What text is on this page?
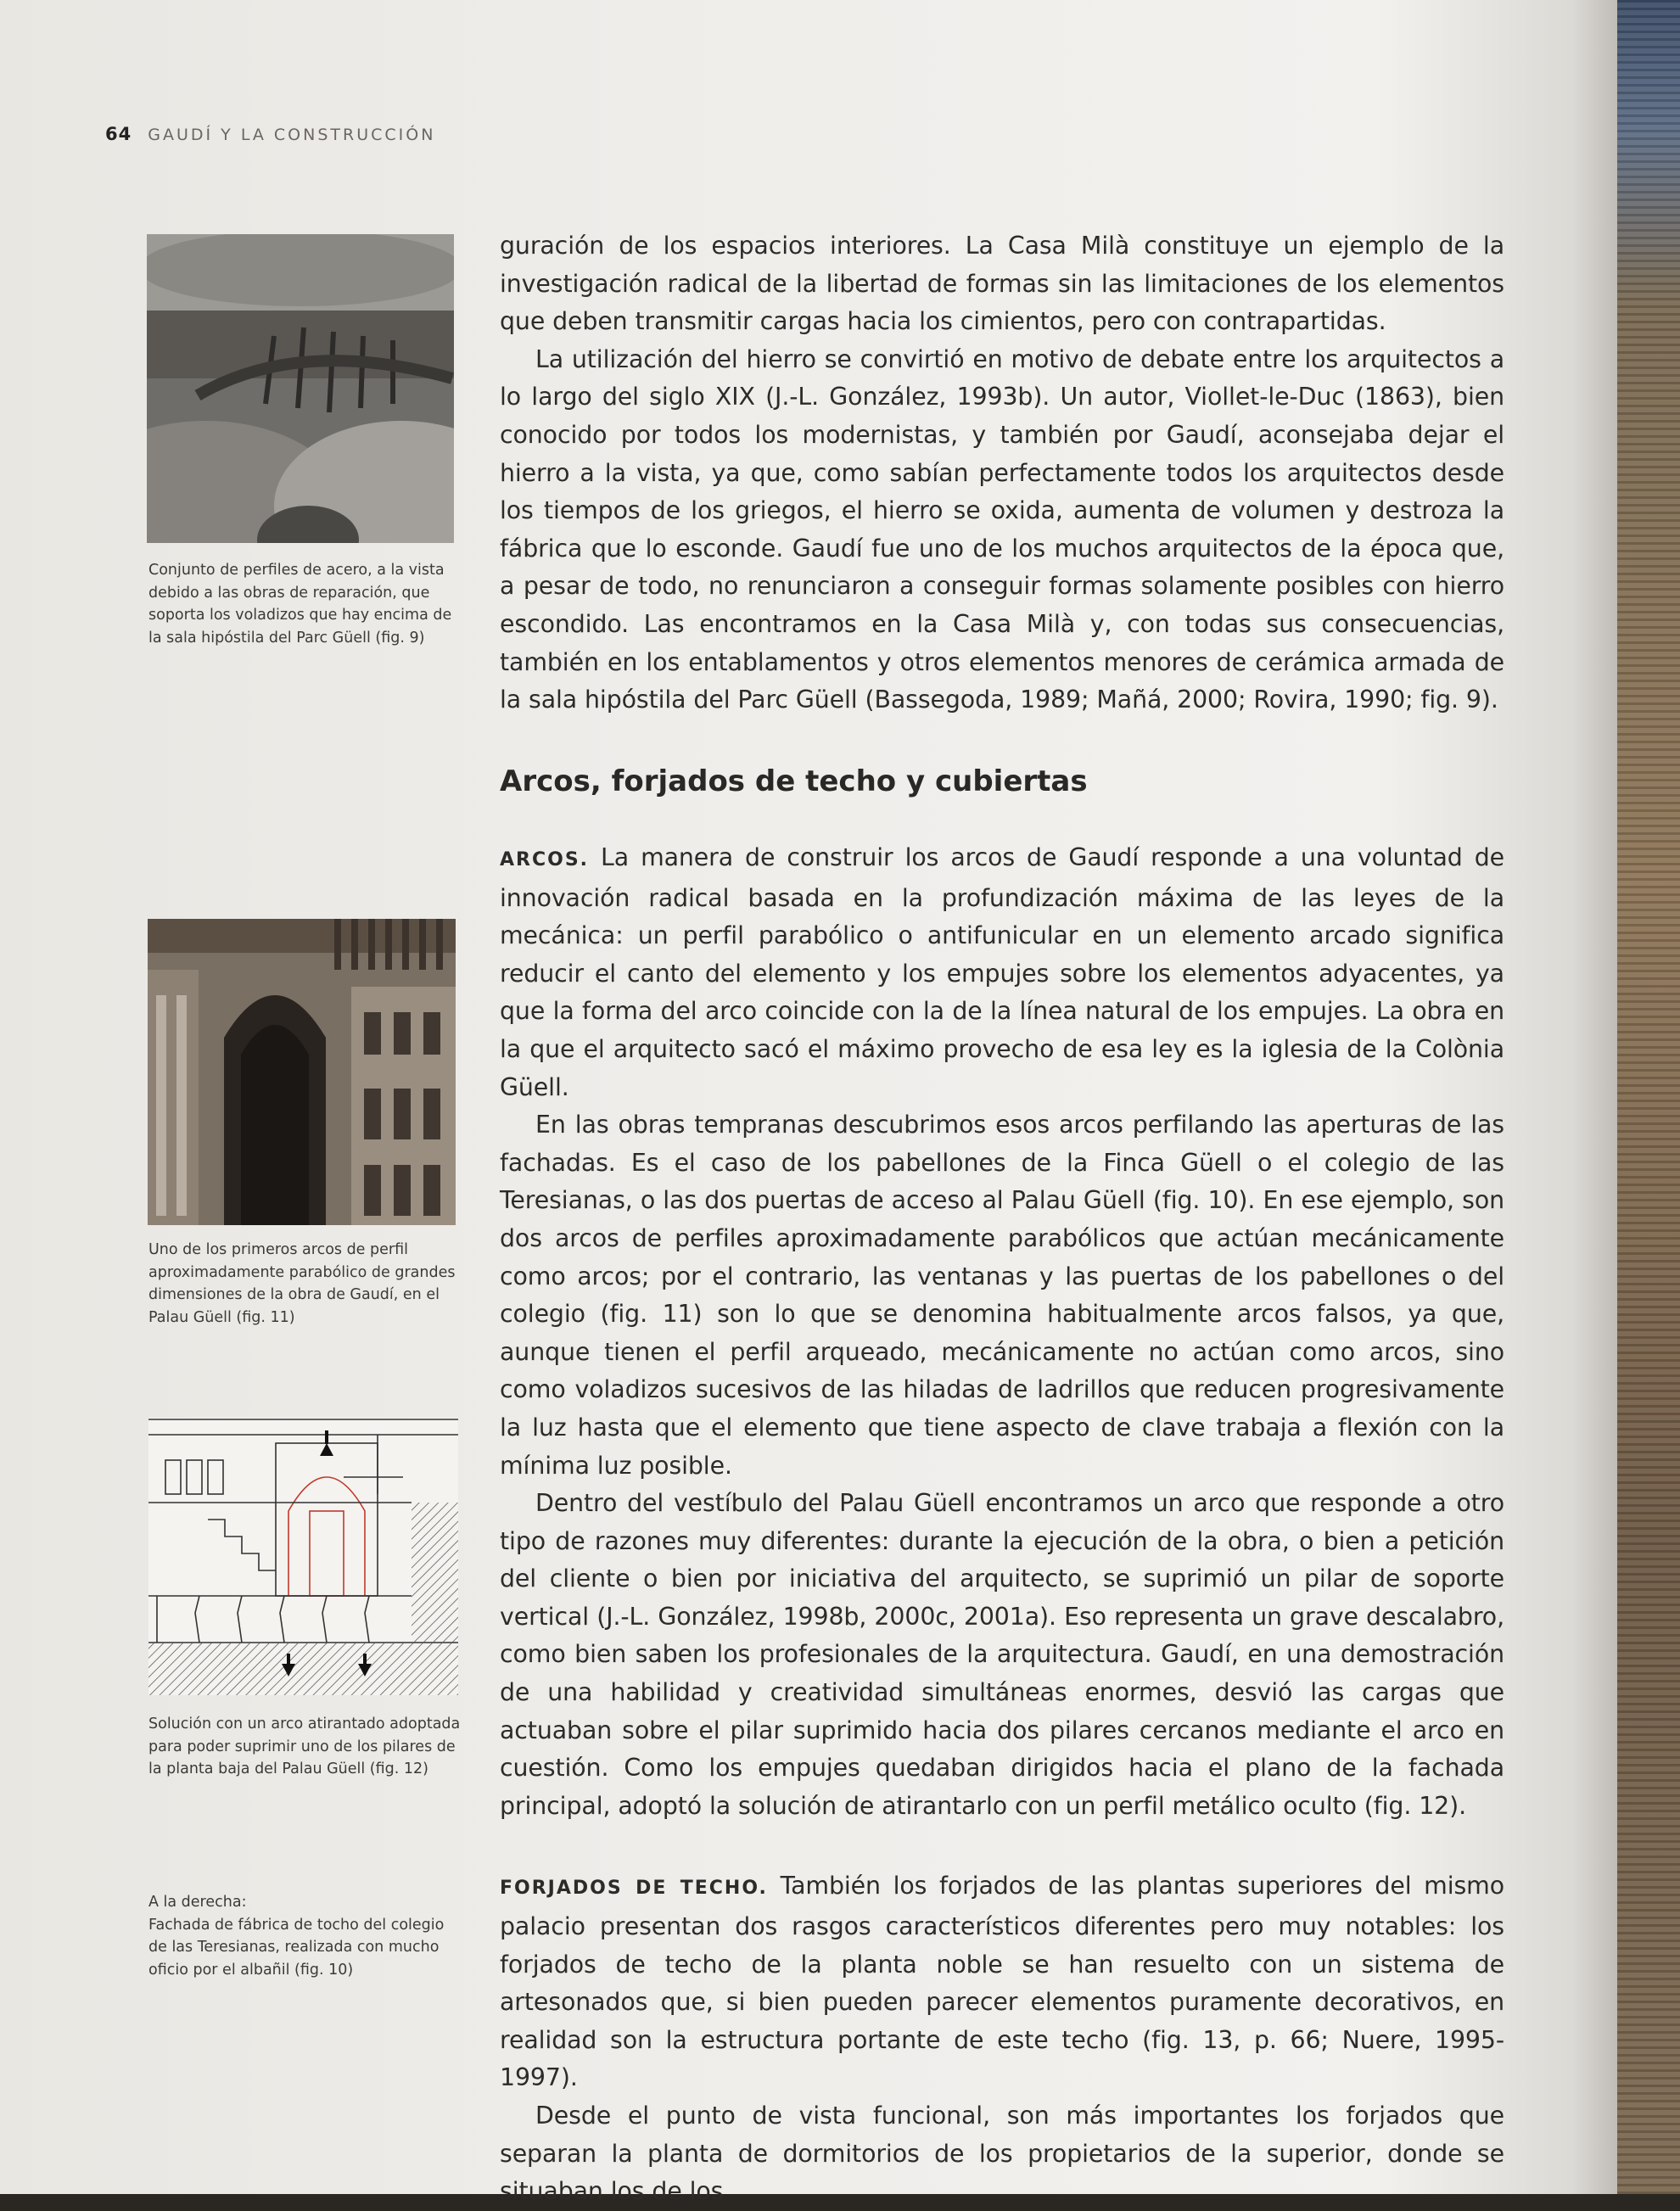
64 GAUDÍ Y LA CONSTRUCCIÓN
Conjunto de perfiles de acero, a la vista debido a las obras de reparación, que soporta los voladizos que hay encima de la sala hipóstila del Parc Güell (fig. 9)
Uno de los primeros arcos de perfil aproximadamente parabólico de grandes dimensiones de la obra de Gaudí, en el Palau Güell (fig. 11)
Solución con un arco atirantado adoptada para poder suprimir uno de los pilares de la planta baja del Palau Güell (fig. 12)
A la derecha:
Fachada de fábrica de tocho del colegio de las Teresianas, realizada con mucho oficio por el albañil (fig. 10)

guración de los espacios interiores. La Casa Milà constituye un ejemplo de la investigación radical de la libertad de formas sin las limitaciones de los elementos que deben transmitir cargas hacia los cimientos, pero con contrapartidas.

La utilización del hierro se convirtió en motivo de debate entre los arquitectos a lo largo del siglo XIX (J.-L. González, 1993b). Un autor, Viollet-le-Duc (1863), bien conocido por todos los modernistas, y también por Gaudí, aconsejaba dejar el hierro a la vista, ya que, como sabían perfectamente todos los arquitectos desde los tiempos de los griegos, el hierro se oxida, aumenta de volumen y destroza la fábrica que lo esconde. Gaudí fue uno de los muchos arquitectos de la época que, a pesar de todo, no renunciaron a conseguir formas solamente posibles con hierro escondido. Las encontramos en la Casa Milà y, con todas sus consecuencias, también en los entablamentos y otros elementos menores de cerámica armada de la sala hipóstila del Parc Güell (Bassegoda, 1989; Mañá, 2000; Rovira, 1990; fig. 9).

Arcos, forjados de techo y cubiertas

ARCOS. La manera de construir los arcos de Gaudí responde a una voluntad de innovación radical basada en la profundización máxima de las leyes de la mecánica: un perfil parabólico o antifunicular en un elemento arcado significa reducir el canto del elemento y los empujes sobre los elementos adyacentes, ya que la forma del arco coincide con la de la línea natural de los empujes. La obra en la que el arquitecto sacó el máximo provecho de esa ley es la iglesia de la Colònia Güell.

En las obras tempranas descubrimos esos arcos perfilando las aperturas de las fachadas. Es el caso de los pabellones de la Finca Güell o el colegio de las Teresianas, o las dos puertas de acceso al Palau Güell (fig. 10). En ese ejemplo, son dos arcos de perfiles aproximadamente parabólicos que actúan mecánicamente como arcos; por el contrario, las ventanas y las puertas de los pabellones o del colegio (fig. 11) son lo que se denomina habitualmente arcos falsos, ya que, aunque tienen el perfil arqueado, mecánicamente no actúan como arcos, sino como voladizos sucesivos de las hiladas de ladrillos que reducen progresivamente la luz hasta que el elemento que tiene aspecto de clave trabaja a flexión con la mínima luz posible.

Dentro del vestíbulo del Palau Güell encontramos un arco que responde a otro tipo de razones muy diferentes: durante la ejecución de la obra, o bien a petición del cliente o bien por iniciativa del arquitecto, se suprimió un pilar de soporte vertical (J.-L. González, 1998b, 2000c, 2001a). Eso representa un grave descalabro, como bien saben los profesionales de la arquitectura. Gaudí, en una demostración de una habilidad y creatividad simultáneas enormes, desvió las cargas que actuaban sobre el pilar suprimido hacia dos pilares cercanos mediante el arco en cuestión. Como los empujes quedaban dirigidos hacia el plano de la fachada principal, adoptó la solución de atirantarlo con un perfil metálico oculto (fig. 12).

FORJADOS DE TECHO. También los forjados de las plantas superiores del mismo palacio presentan dos rasgos característicos diferentes pero muy notables: los forjados de techo de la planta noble se han resuelto con un sistema de artesonados que, si bien pueden parecer elementos puramente decorativos, en realidad son la estructura portante de este techo (fig. 13, p. 66; Nuere, 1995-1997).

Desde el punto de vista funcional, son más importantes los forjados que separan la planta de dormitorios de los propietarios de la superior, donde se situaban los de los
